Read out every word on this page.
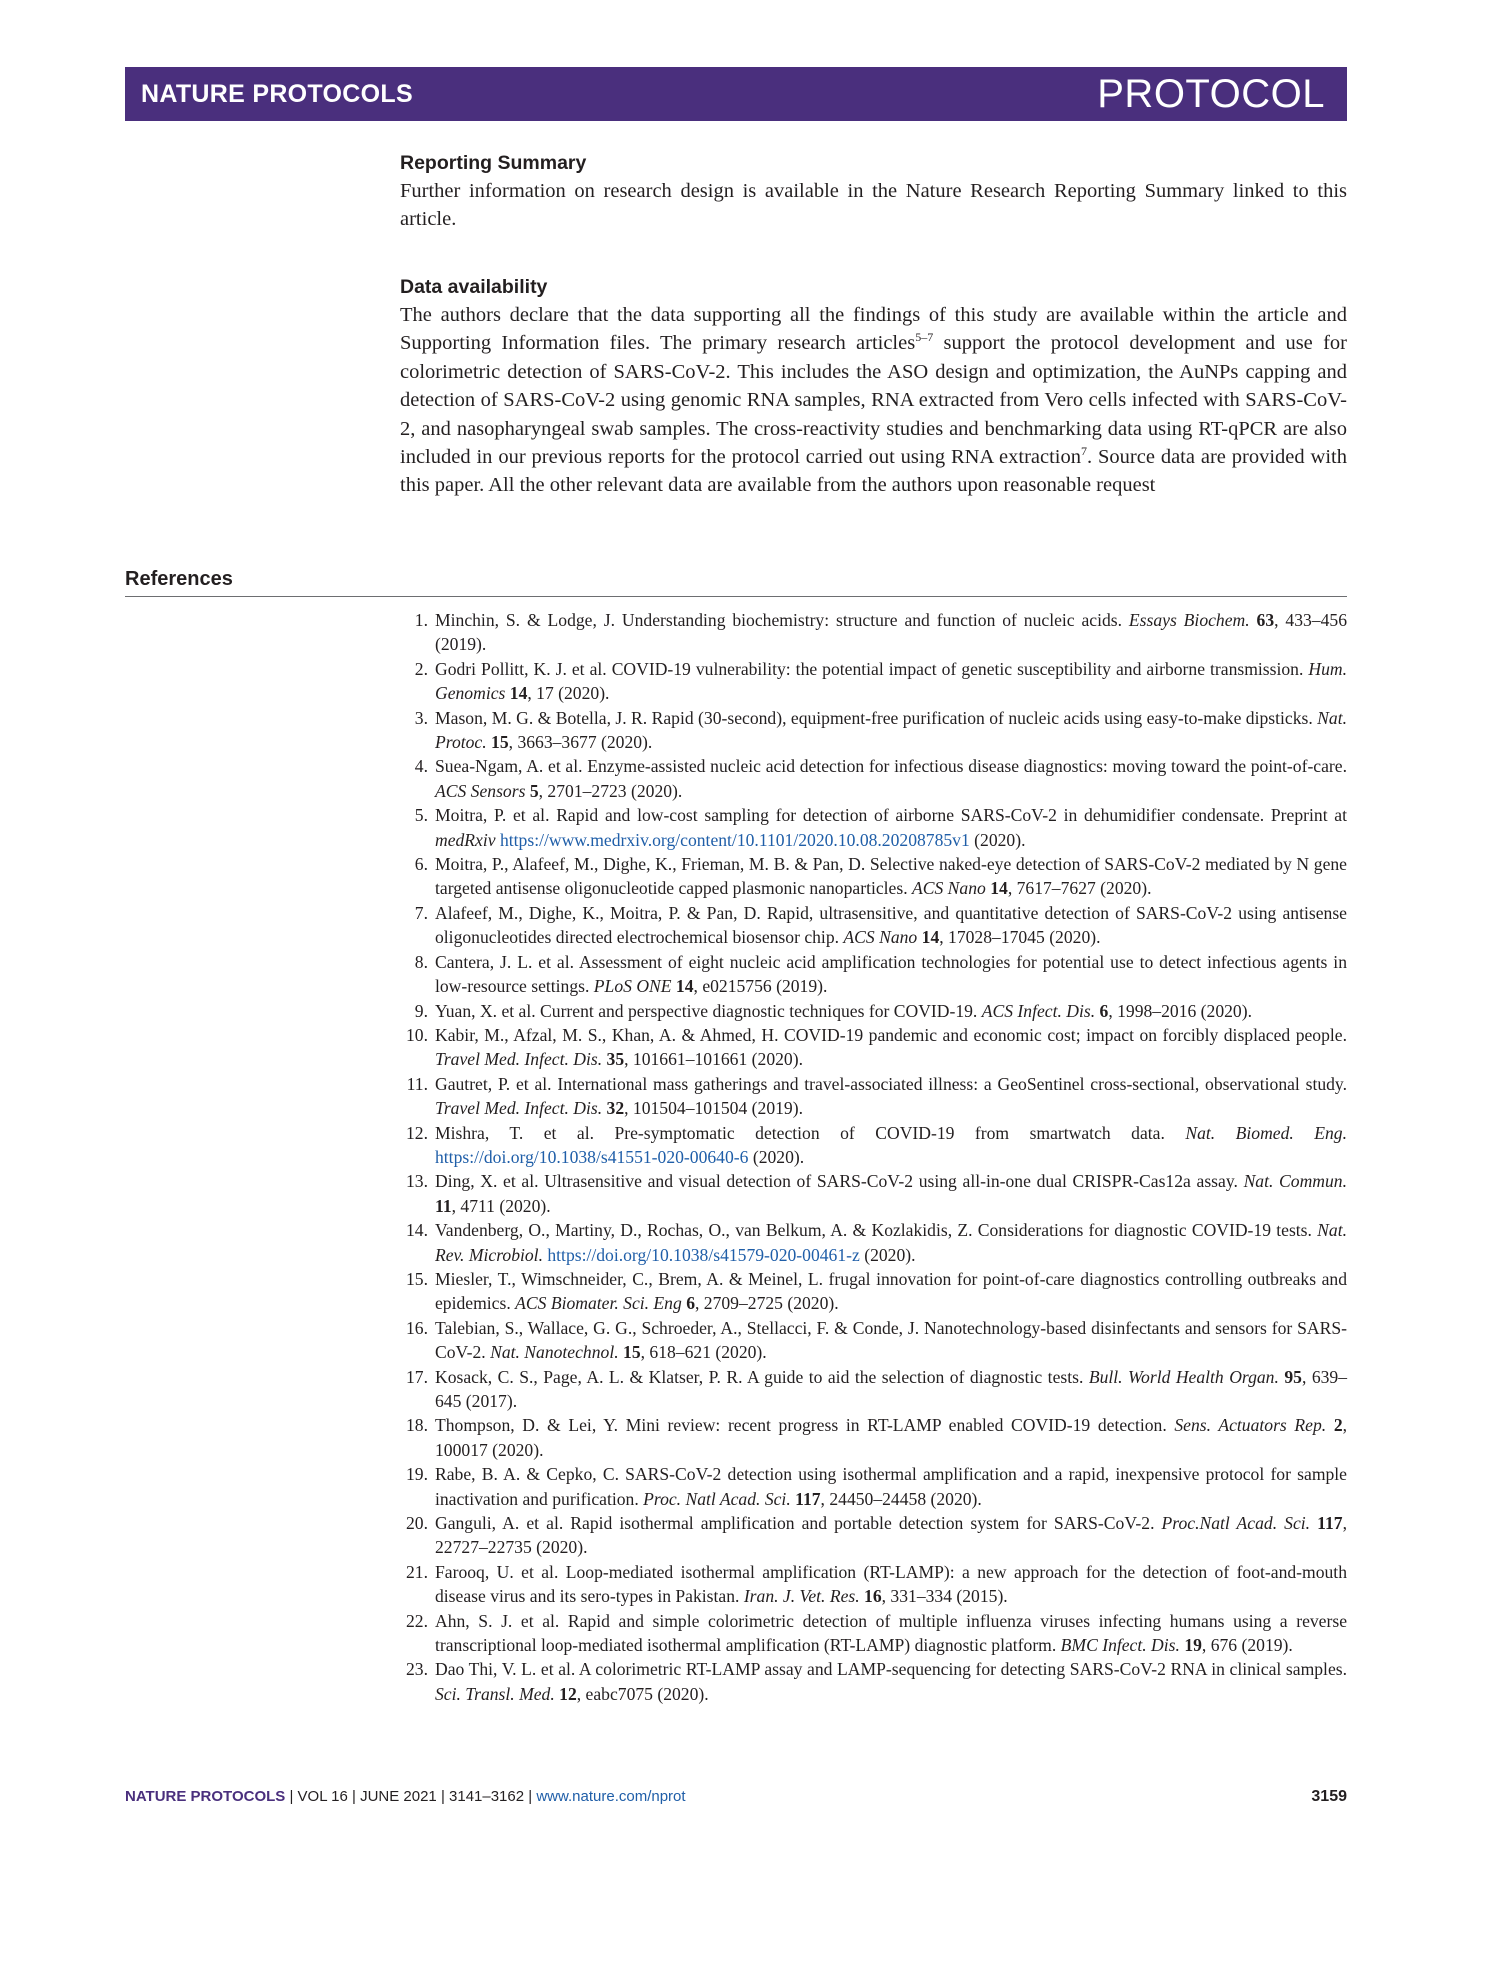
NATURE PROTOCOLS	PROTOCOL
Reporting Summary

Further information on research design is available in the Nature Research Reporting Summary linked to this article.

Data availability

The authors declare that the data supporting all the findings of this study are available within the article and Supporting Information files. The primary research articles$^{5-7}$ support the protocol development and use for colorimetric detection of SARS-CoV-2. This includes the ASO design and optimization, the AuNPs capping and detection of SARS-CoV-2 using genomic RNA samples, RNA extracted from Vero cells infected with SARS-CoV-2, and nasopharyngeal swab samples. The cross-reactivity studies and benchmarking data using RT-qPCR are also included in our previous reports for the protocol carried out using RNA extraction$^7$. Source data are provided with this paper. All the other relevant data are available from the authors upon reasonable request

References
1. Minchin, S. & Lodge, J. Understanding biochemistry: structure and function of nucleic acids. Essays Biochem. 63, 433–456 (2019).
2. Godri Pollitt, K. J. et al. COVID-19 vulnerability: the potential impact of genetic susceptibility and airborne transmission. Hum. Genomics 14, 17 (2020).
3. Mason, M. G. & Botella, J. R. Rapid (30-second), equipment-free purification of nucleic acids using easy-to-make dipsticks. Nat. Protoc. 15, 3663–3677 (2020).
4. Suea-Ngam, A. et al. Enzyme-assisted nucleic acid detection for infectious disease diagnostics: moving toward the point-of-care. ACS Sensors 5, 2701–2723 (2020).
5. Moitra, P. et al. Rapid and low-cost sampling for detection of airborne SARS-CoV-2 in dehumidifier condensate. Preprint at medRxiv https://www.medrxiv.org/content/10.1101/2020.10.08.20208785v1 (2020).
6. Moitra, P., Alafeef, M., Dighe, K., Frieman, M. B. & Pan, D. Selective naked-eye detection of SARS-CoV-2 mediated by N gene targeted antisense oligonucleotide capped plasmonic nanoparticles. ACS Nano 14, 7617–7627 (2020).
7. Alafeef, M., Dighe, K., Moitra, P. & Pan, D. Rapid, ultrasensitive, and quantitative detection of SARS-CoV-2 using antisense oligonucleotides directed electrochemical biosensor chip. ACS Nano 14, 17028–17045 (2020).
8. Cantera, J. L. et al. Assessment of eight nucleic acid amplification technologies for potential use to detect infectious agents in low-resource settings. PLoS ONE 14, e0215756 (2019).
9. Yuan, X. et al. Current and perspective diagnostic techniques for COVID-19. ACS Infect. Dis. 6, 1998–2016 (2020).
10. Kabir, M., Afzal, M. S., Khan, A. & Ahmed, H. COVID-19 pandemic and economic cost; impact on forcibly displaced people. Travel Med. Infect. Dis. 35, 101661–101661 (2020).
11. Gautret, P. et al. International mass gatherings and travel-associated illness: a GeoSentinel cross-sectional, observational study. Travel Med. Infect. Dis. 32, 101504–101504 (2019).
12. Mishra, T. et al. Pre-symptomatic detection of COVID-19 from smartwatch data. Nat. Biomed. Eng. https://doi.org/10.1038/s41551-020-00640-6 (2020).
13. Ding, X. et al. Ultrasensitive and visual detection of SARS-CoV-2 using all-in-one dual CRISPR-Cas12a assay. Nat. Commun. 11, 4711 (2020).
14. Vandenberg, O., Martiny, D., Rochas, O., van Belkum, A. & Kozlakidis, Z. Considerations for diagnostic COVID-19 tests. Nat. Rev. Microbiol. https://doi.org/10.1038/s41579-020-00461-z (2020).
15. Miesler, T., Wimschneider, C., Brem, A. & Meinel, L. frugal innovation for point-of-care diagnostics controlling outbreaks and epidemics. ACS Biomater. Sci. Eng 6, 2709–2725 (2020).
16. Talebian, S., Wallace, G. G., Schroeder, A., Stellacci, F. & Conde, J. Nanotechnology-based disinfectants and sensors for SARS-CoV-2. Nat. Nanotechnol. 15, 618–621 (2020).
17. Kosack, C. S., Page, A. L. & Klatser, P. R. A guide to aid the selection of diagnostic tests. Bull. World Health Organ. 95, 639–645 (2017).
18. Thompson, D. & Lei, Y. Mini review: recent progress in RT-LAMP enabled COVID-19 detection. Sens. Actuators Rep. 2, 100017 (2020).
19. Rabe, B. A. & Cepko, C. SARS-CoV-2 detection using isothermal amplification and a rapid, inexpensive protocol for sample inactivation and purification. Proc. Natl Acad. Sci. 117, 24450–24458 (2020).
20. Ganguli, A. et al. Rapid isothermal amplification and portable detection system for SARS-CoV-2. Proc.Natl Acad. Sci. 117, 22727–22735 (2020).
21. Farooq, U. et al. Loop-mediated isothermal amplification (RT-LAMP): a new approach for the detection of foot-and-mouth disease virus and its sero-types in Pakistan. Iran. J. Vet. Res. 16, 331–334 (2015).
22. Ahn, S. J. et al. Rapid and simple colorimetric detection of multiple influenza viruses infecting humans using a reverse transcriptional loop-mediated isothermal amplification (RT-LAMP) diagnostic platform. BMC Infect. Dis. 19, 676 (2019).
23. Dao Thi, V. L. et al. A colorimetric RT-LAMP assay and LAMP-sequencing for detecting SARS-CoV-2 RNA in clinical samples. Sci. Transl. Med. 12, eabc7075 (2020).
NATURE PROTOCOLS | VOL 16 | JUNE 2021 | 3141–3162 | www.nature.com/nprot	3159
